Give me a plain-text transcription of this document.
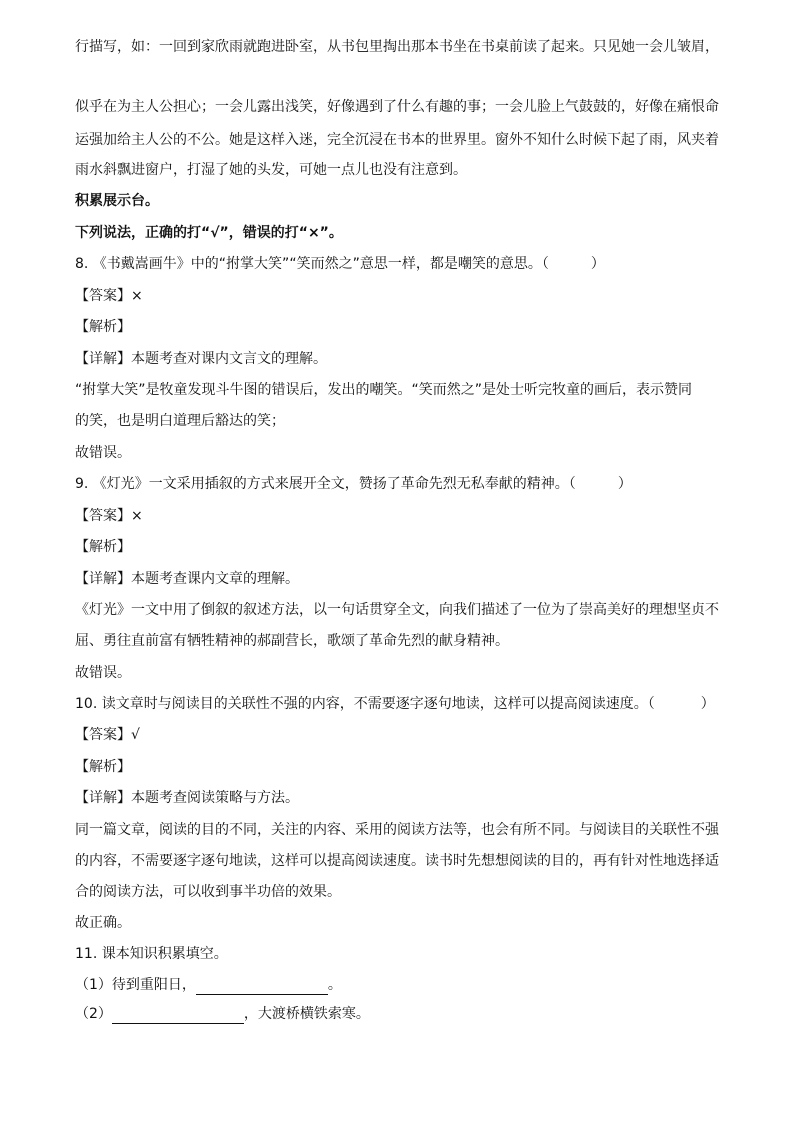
行描写，如：一回到家欣雨就跑进卧室，从书包里掏出那本书坐在书桌前读了起来。只见她一会儿皱眉，
似乎在为主人公担心；一会儿露出浅笑，好像遇到了什么有趣的事；一会儿脸上气鼓鼓的，好像在痛恨命
运强加给主人公的不公。她是这样入迷，完全沉浸在书本的世界里。窗外不知什么时候下起了雨，风夹着
雨水斜飘进窗户，打湿了她的头发，可她一点儿也没有注意到。
积累展示台。
下列说法，正确的打“√”，错误的打“×”。
8. 《书戴嵩画牛》中的“拊掌大笑”“笑而然之”意思一样，都是嘲笑的意思。（	）
【答案】×
【解析】
【详解】本题考查对课内文言文的理解。
“拊掌大笑”是牧童发现斗牛图的错误后，发出的嘲笑。“笑而然之”是处士听完牧童的画后，表示赞同
的笑，也是明白道理后豁达的笑；
故错误。
9. 《灯光》一文采用插叙的方式来展开全文，赞扬了革命先烈无私奉献的精神。（	）
【答案】×
【解析】
【详解】本题考查课内文章的理解。
《灯光》一文中用了倒叙的叙述方法，以一句话贯穿全文，向我们描述了一位为了崇高美好的理想坚贞不
屈、勇往直前富有牺牲精神的郝副营长，歌颂了革命先烈的献身精神。
故错误。
10. 读文章时与阅读目的关联性不强的内容，不需要逐字逐句地读，这样可以提高阅读速度。（	）
【答案】√
【解析】
【详解】本题考查阅读策略与方法。
同一篇文章，阅读的目的不同，关注的内容、采用的阅读方法等，也会有所不同。与阅读目的关联性不强
的内容，不需要逐字逐句地读，这样可以提高阅读速度。读书时先想想阅读的目的，再有针对性地选择适
合的阅读方法，可以收到事半功倍的效果。
故正确。
11. 课本知识积累填空。
（1）待到重阳日，	。
（2）	，大渡桥横铁索寒。
